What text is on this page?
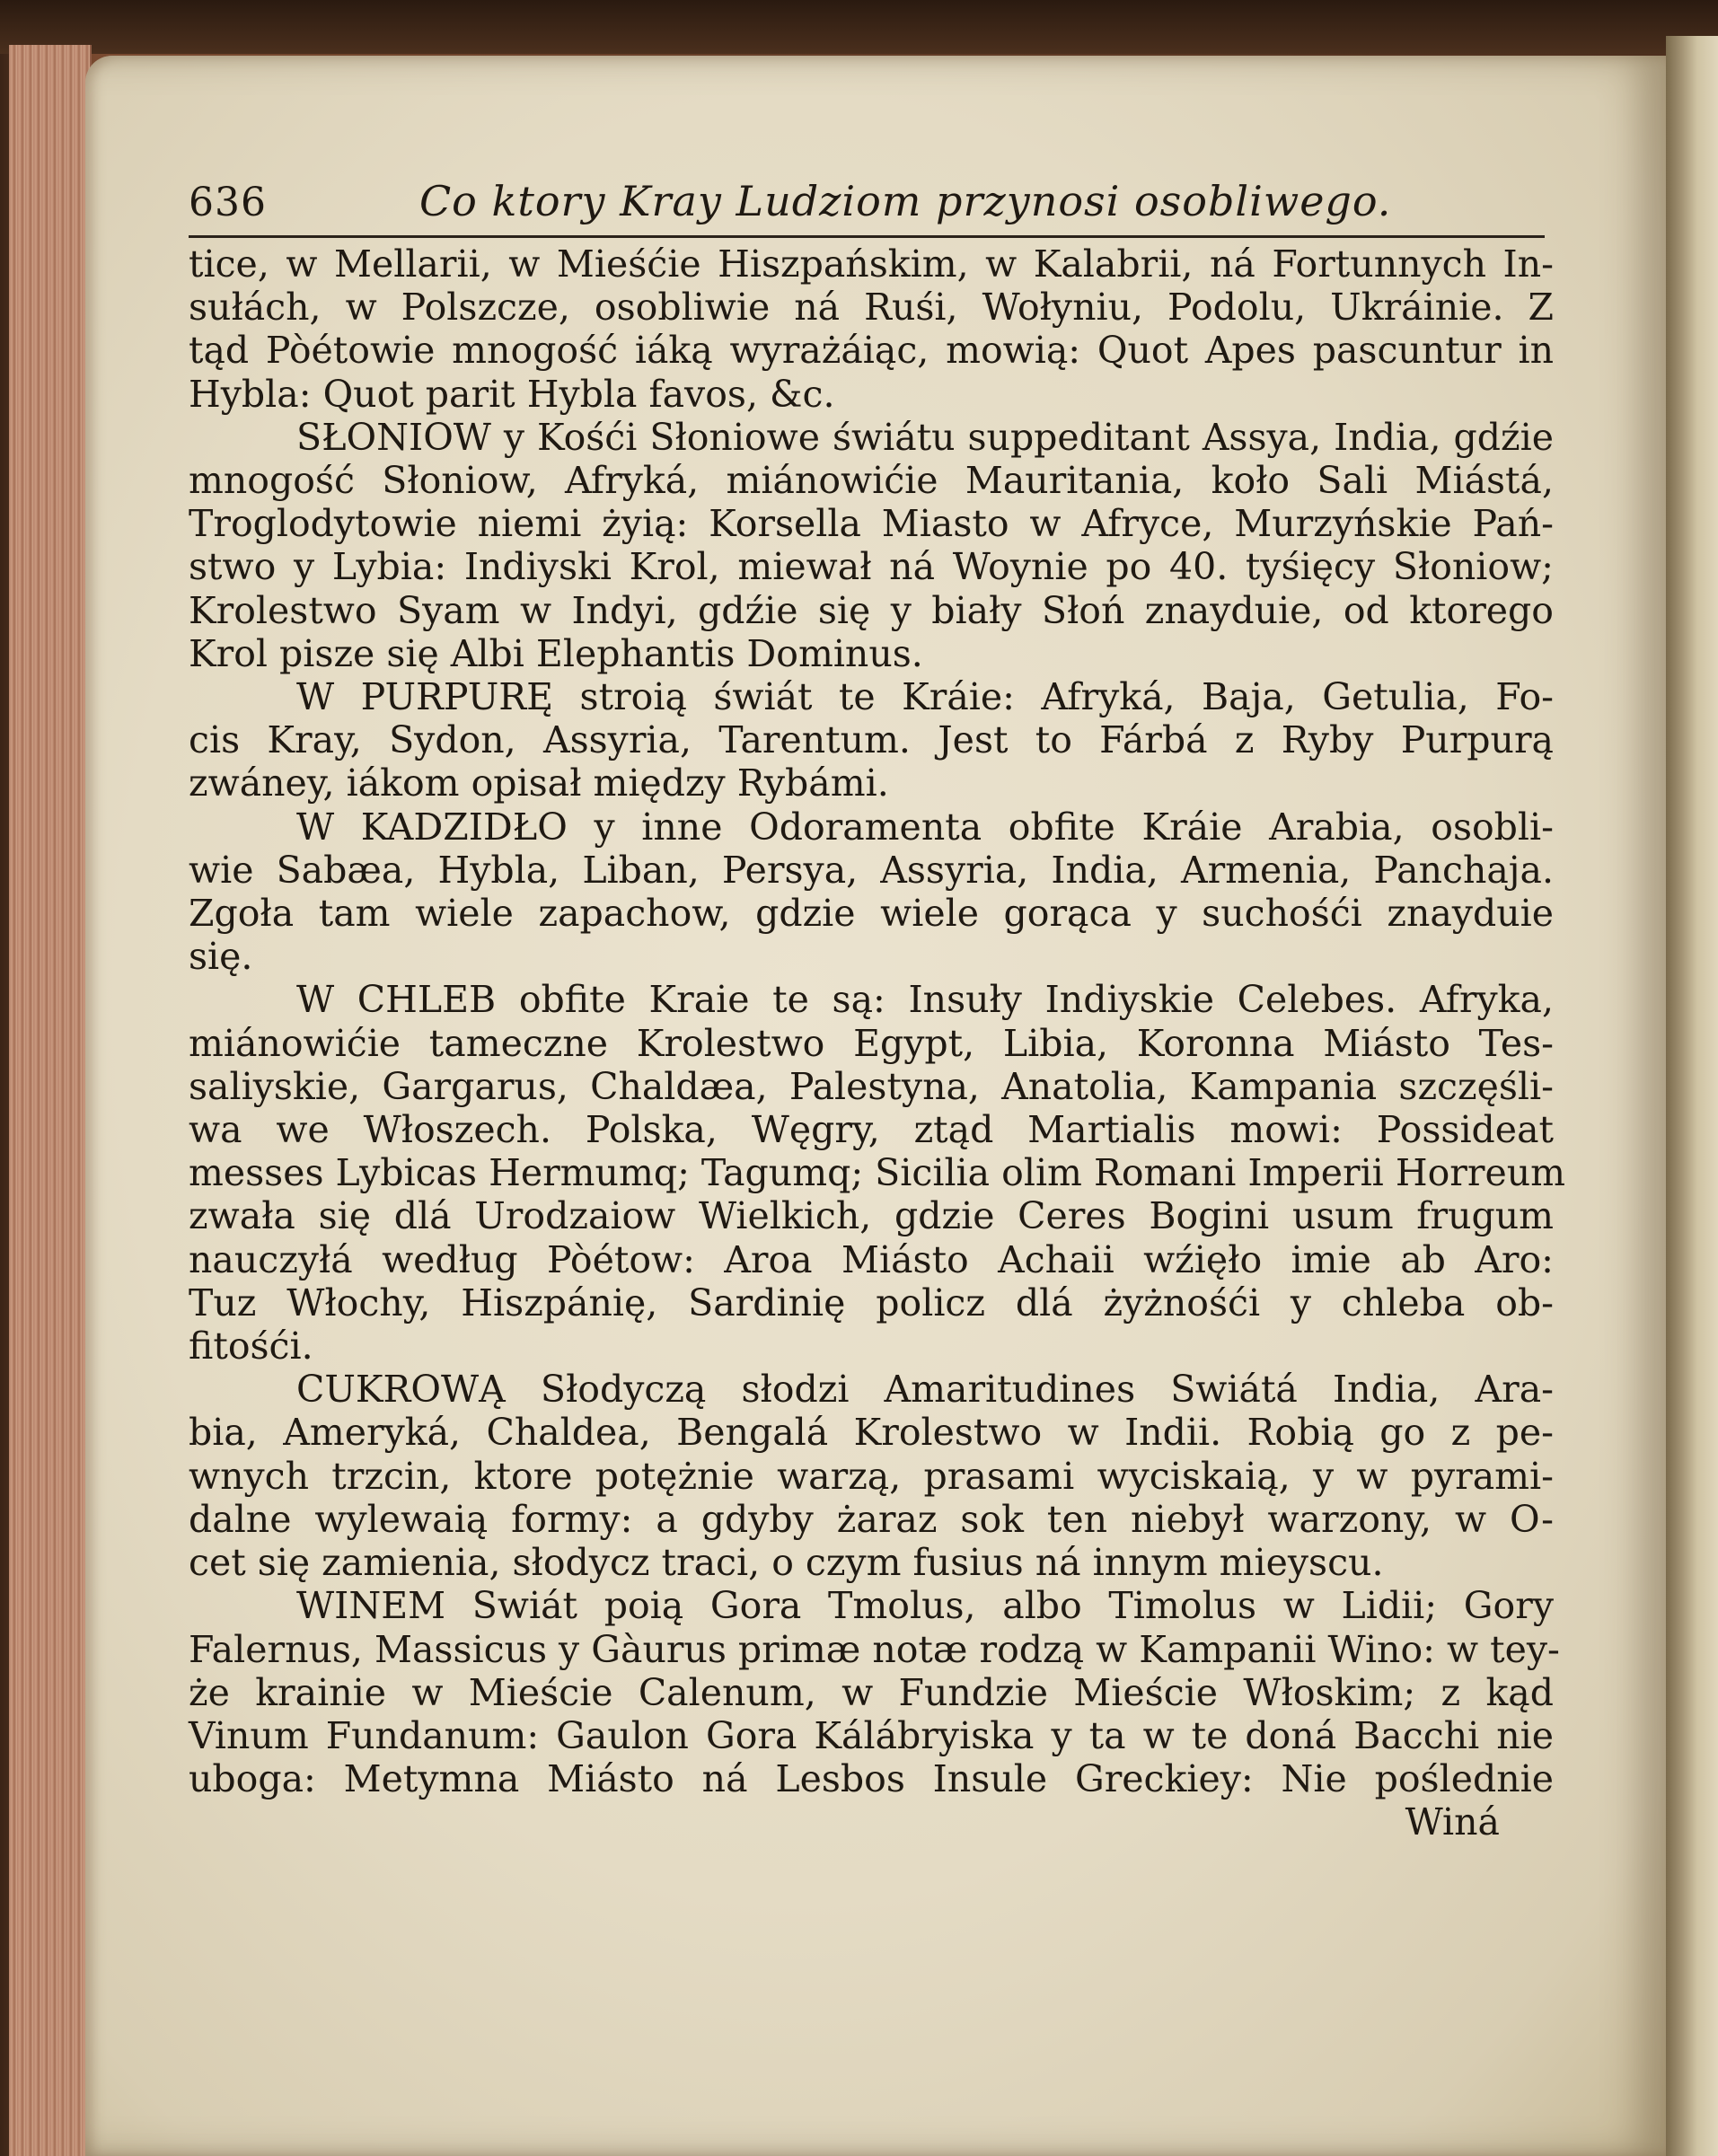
636	Co ktory Kray Ludziom przynosi osobliwego.
tice, w Mellarii, w Mieśćie Hiszpańskim, w Kalabrii, ná Fortunnych In-
sułách, w Polszcze, osobliwie ná Ruśi, Wołyniu, Podolu, Ukráinie. Z
tąd Pòétowie mnogość iáką wyrażáiąc, mowią: Quot Apes pascuntur in
Hybla: Quot parit Hybla favos, &c.
SŁONIOW y Kośći Słoniowe świátu suppeditant Assya, India, gdźie
mnogość Słoniow, Afryká, miánowićie Mauritania, koło Sali Miástá,
Troglodytowie niemi żyią: Korsella Miasto w Afryce, Murzyńskie Pań-
stwo y Lybia: Indiyski Krol, miewał ná Woynie po 40. tyśięcy Słoniow;
Krolestwo Syam w Indyi, gdźie się y biały Słoń znayduie, od ktorego
Krol pisze się Albi Elephantis Dominus.
W PURPURĘ stroią świát te Kráie: Afryká, Baja, Getulia, Fo-
cis Kray, Sydon, Assyria, Tarentum. Jest to Fárbá z Ryby Purpurą
zwáney, iákom opisał między Rybámi.
W KADZIDŁO y inne Odoramenta obfite Kráie Arabia, osobli-
wie Sabæa, Hybla, Liban, Persya, Assyria, India, Armenia, Panchaja.
Zgoła tam wiele zapachow, gdzie wiele gorąca y suchośći znayduie
się.
W CHLEB obfite Kraie te są: Insuły Indiyskie Celebes. Afryka,
miánowićie tameczne Krolestwo Egypt, Libia, Koronna Miásto Tes-
saliyskie, Gargarus, Chaldæa, Palestyna, Anatolia, Kampania szczęśli-
wa we Włoszech. Polska, Węgry, ztąd Martialis mowi: Possideat
messes Lybicas Hermumq; Tagumq; Sicilia olim Romani Imperii Horreum
zwała się dlá Urodzaiow Wielkich, gdzie Ceres Bogini usum frugum
nauczyłá według Pòétow: Aroa Miásto Achaii wźięło imie ab Aro:
Tuz Włochy, Hiszpánię, Sardinię policz dlá żyżnośći y chleba ob-
fitośći.
CUKROWĄ Słodyczą słodzi Amaritudines Swiátá India, Ara-
bia, Ameryká, Chaldea, Bengalá Krolestwo w Indii. Robią go z pe-
wnych trzcin, ktore potężnie warzą, prasami wyciskaią, y w pyrami-
dalne wylewaią formy: a gdyby żaraz sok ten niebył warzony, w O-
cet się zamienia, słodycz traci, o czym fusius ná innym mieyscu.
WINEM Swiát poią Gora Tmolus, albo Timolus w Lidii; Gory
Falernus, Massicus y Gàurus primæ notæ rodzą w Kampanii Wino: w tey-
że krainie w Mieście Calenum, w Fundzie Mieście Włoskim; z kąd
Vinum Fundanum: Gaulon Gora Kálábryiska y ta w te doná Bacchi nie
uboga: Metymna Miásto ná Lesbos Insule Greckiey: Nie poślednie
Winá
